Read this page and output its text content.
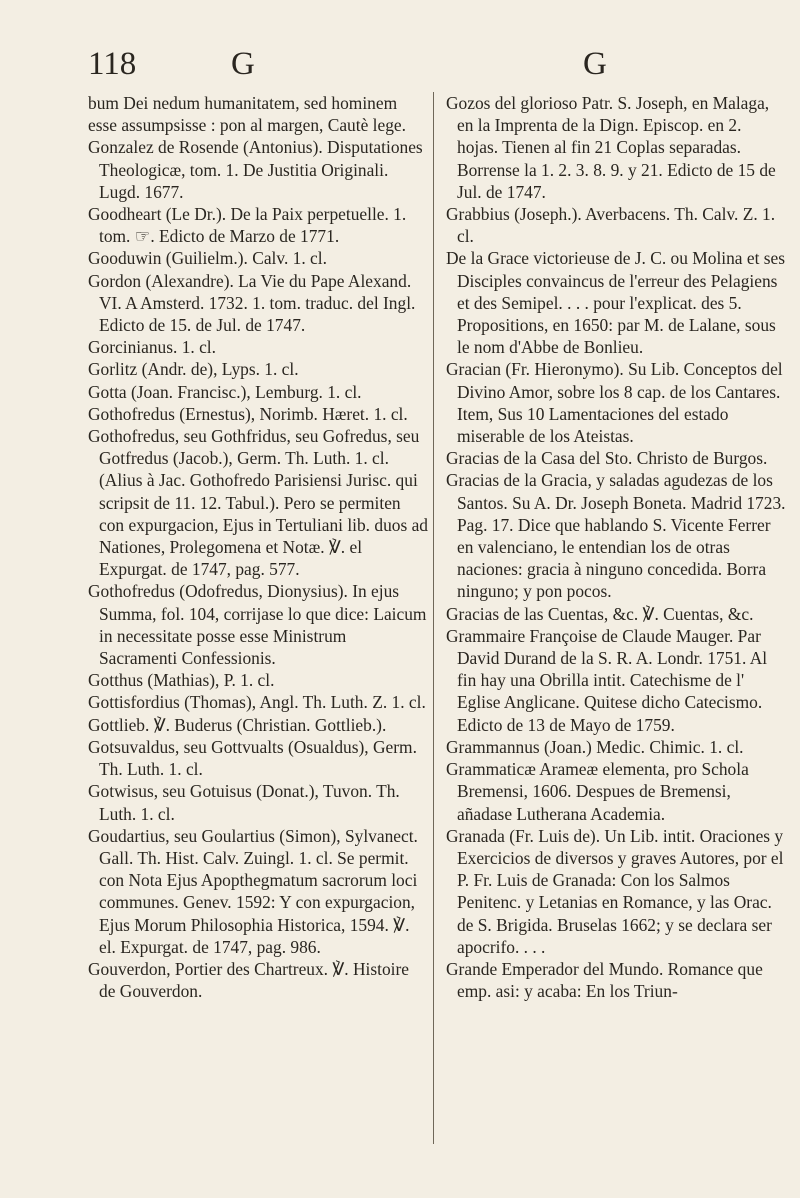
118	G	G
bum Dei nedum humanitatem, sed hominem esse assumpsisse : pon al margen, Cautè lege.
Gonzalez de Rosende (Antonius). Disputationes Theologicæ, tom. 1. De Justitia Originali. Lugd. 1677.
Goodheart (Le Dr.). De la Paix perpetuelle. 1. tom. ☞. Edicto de Marzo de 1771.
Gooduwin (Guilielm.). Calv. 1. cl.
Gordon (Alexandre). La Vie du Pape Alexand. VI. A Amsterd. 1732. 1. tom. traduc. del Ingl. Edicto de 15. de Jul. de 1747.
Gorcinianus. 1. cl.
Gorlitz (Andr. de), Lyps. 1. cl.
Gotta (Joan. Francisc.), Lemburg. 1. cl.
Gothofredus (Ernestus), Norimb. Hæret. 1. cl.
Gothofredus, seu Gothfridus, seu Gofredus, seu Gotfredus (Jacob.), Germ. Th. Luth. 1. cl. (Alius à Jac. Gothofredo Parisiensi Jurisc. qui scripsit de 11. 12. Tabul.). Pero se permiten con expurgacion, Ejus in Tertuliani lib. duos ad Nationes, Prolegomena et Notæ. ℣. el Expurgat. de 1747, pag. 577.
Gothofredus (Odofredus, Dionysius). In ejus Summa, fol. 104, corrijase lo que dice: Laicum in necessitate posse esse Ministrum Sacramenti Confessionis.
Gotthus (Mathias), P. 1. cl.
Gottisfordius (Thomas), Angl. Th. Luth. Z. 1. cl.
Gottlieb. ℣. Buderus (Christian. Gottlieb.).
Gotsuvaldus, seu Gottvualts (Osualdus), Germ. Th. Luth. 1. cl.
Gotwisus, seu Gotuisus (Donat.), Tuvon. Th. Luth. 1. cl.
Goudartius, seu Goulartius (Simon), Sylvanect. Gall. Th. Hist. Calv. Zuingl. 1. cl. Se permit. con Nota Ejus Apopthegmatum sacrorum loci communes. Genev. 1592: Y con expurgacion, Ejus Morum Philosophia Historica, 1594. ℣. el. Expurgat. de 1747, pag. 986.
Gouverdon, Portier des Chartreux. ℣. Histoire de Gouverdon.
Gozos del glorioso Patr. S. Joseph, en Malaga, en la Imprenta de la Dign. Episcop. en 2. hojas. Tienen al fin 21 Coplas separadas. Borrense la 1. 2. 3. 8. 9. y 21. Edicto de 15 de Jul. de 1747.
Grabbius (Joseph.). Averbacens. Th. Calv. Z. 1. cl.
De la Grace victorieuse de J. C. ou Molina et ses Disciples convaincus de l'erreur des Pelagiens et des Semipel. . . . pour l'explicat. des 5. Propositions, en 1650: par M. de Lalane, sous le nom d'Abbe de Bonlieu.
Gracian (Fr. Hieronymo). Su Lib. Conceptos del Divino Amor, sobre los 8 cap. de los Cantares. Item, Sus 10 Lamentaciones del estado miserable de los Ateistas.
Gracias de la Casa del Sto. Christo de Burgos.
Gracias de la Gracia, y saladas agudezas de los Santos. Su A. Dr. Joseph Boneta. Madrid 1723. Pag. 17. Dice que hablando S. Vicente Ferrer en valenciano, le entendian los de otras naciones: gracia à ninguno concedida. Borra ninguno; y pon pocos.
Gracias de las Cuentas, &c. ℣. Cuentas, &c.
Grammaire Françoise de Claude Mauger. Par David Durand de la S. R. A. Londr. 1751. Al fin hay una Obrilla intit. Catechisme de l' Eglise Anglicane. Quitese dicho Catecismo. Edicto de 13 de Mayo de 1759.
Grammannus (Joan.) Medic. Chimic. 1. cl.
Grammaticæ Arameæ elementa, pro Schola Bremensi, 1606. Despues de Bremensi, añadase Lutherana Academia.
Granada (Fr. Luis de). Un Lib. intit. Oraciones y Exercicios de diversos y graves Autores, por el P. Fr. Luis de Granada: Con los Salmos Penitenc. y Letanias en Romance, y las Orac. de S. Brigida. Bruselas 1662; y se declara ser apocrifo. . . .
Grande Emperador del Mundo. Romance que emp. asi: y acaba: En los Triun-
